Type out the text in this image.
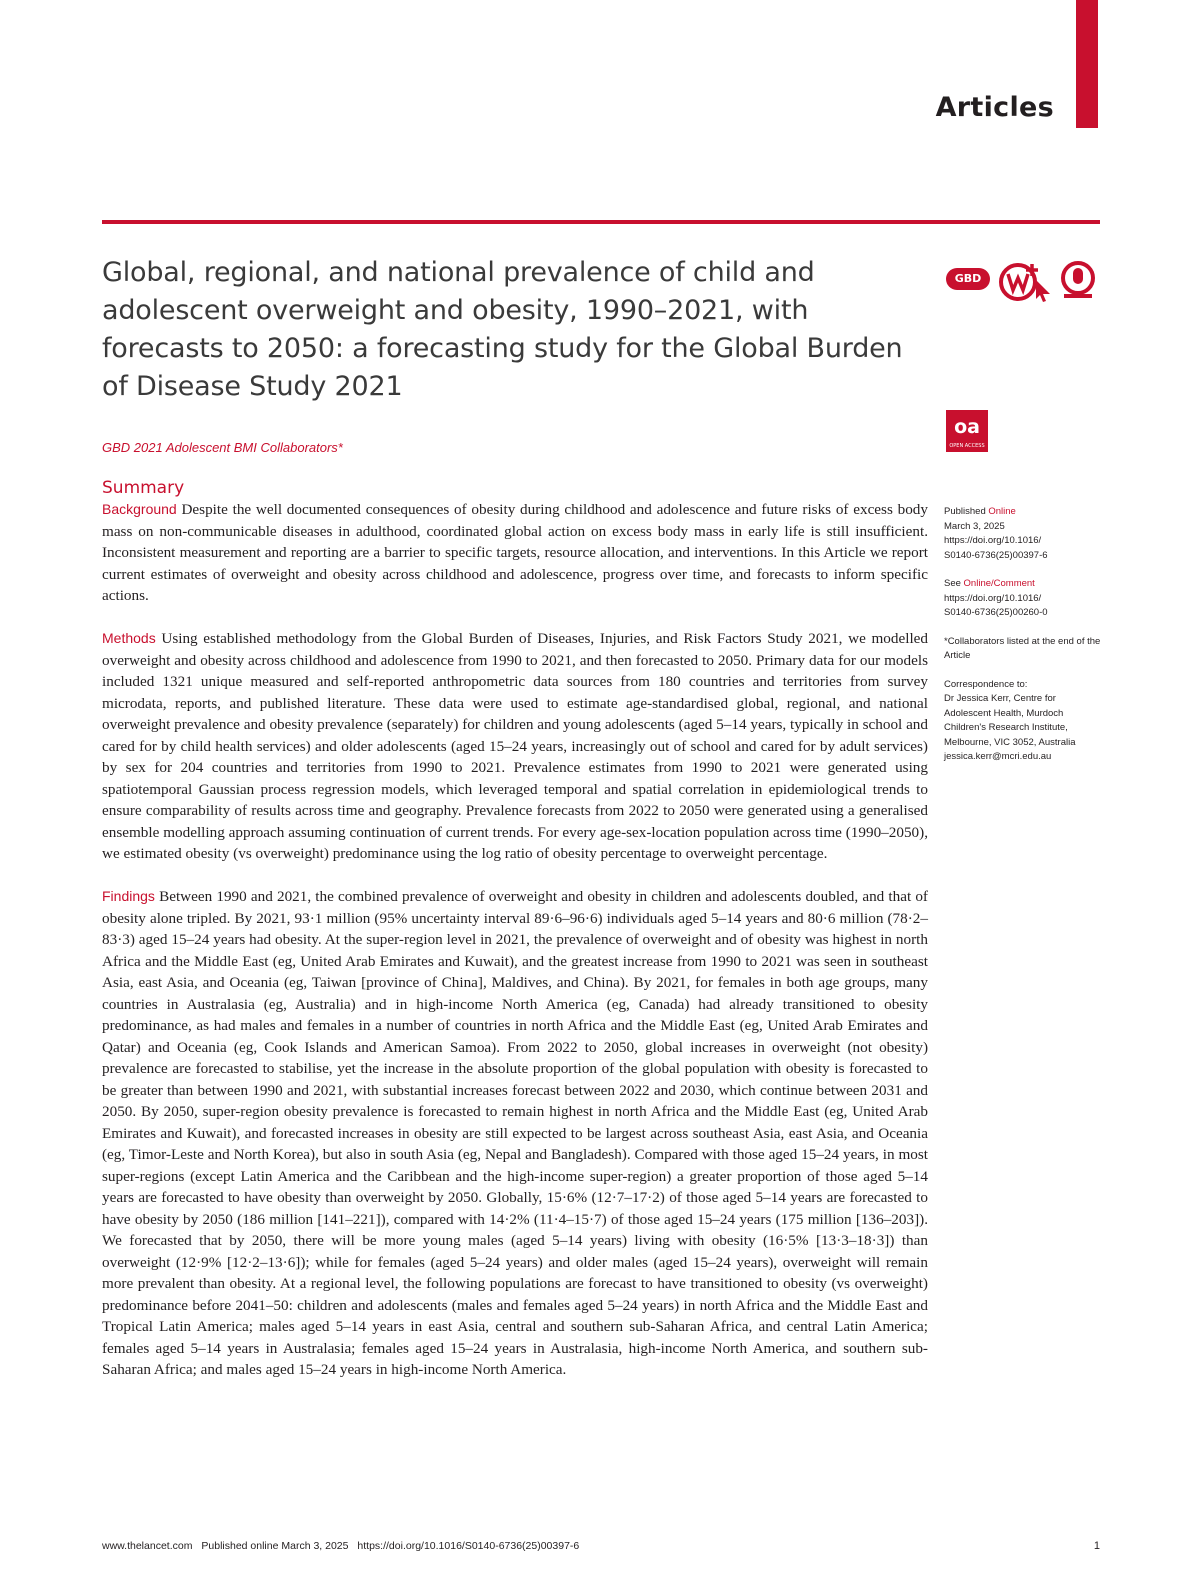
Articles
Global, regional, and national prevalence of child and adolescent overweight and obesity, 1990–2021, with forecasts to 2050: a forecasting study for the Global Burden of Disease Study 2021
GBD 2021 Adolescent BMI Collaborators*
Summary
GBD
oa
OPEN ACCESS

Background Despite the well documented consequences of obesity during childhood and adolescence and future risks of excess body mass on non-communicable diseases in adulthood, coordinated global action on excess body mass in early life is still insufficient. Inconsistent measurement and reporting are a barrier to specific targets, resource allocation, and interventions. In this Article we report current estimates of overweight and obesity across childhood and adolescence, progress over time, and forecasts to inform specific actions.

Methods Using established methodology from the Global Burden of Diseases, Injuries, and Risk Factors Study 2021, we modelled overweight and obesity across childhood and adolescence from 1990 to 2021, and then forecasted to 2050. Primary data for our models included 1321 unique measured and self-reported anthropometric data sources from 180 countries and territories from survey microdata, reports, and published literature. These data were used to estimate age-standardised global, regional, and national overweight prevalence and obesity prevalence (separately) for children and young adolescents (aged 5–14 years, typically in school and cared for by child health services) and older adolescents (aged 15–24 years, increasingly out of school and cared for by adult services) by sex for 204 countries and territories from 1990 to 2021. Prevalence estimates from 1990 to 2021 were generated using spatiotemporal Gaussian process regression models, which leveraged temporal and spatial correlation in epidemiological trends to ensure comparability of results across time and geography. Prevalence forecasts from 2022 to 2050 were generated using a generalised ensemble modelling approach assuming continuation of current trends. For every age-sex-location population across time (1990–2050), we estimated obesity (vs overweight) predominance using the log ratio of obesity percentage to overweight percentage.

Findings Between 1990 and 2021, the combined prevalence of overweight and obesity in children and adolescents doubled, and that of obesity alone tripled. By 2021, 93·1 million (95% uncertainty interval 89·6–96·6) individuals aged 5–14 years and 80·6 million (78·2–83·3) aged 15–24 years had obesity. At the super-region level in 2021, the prevalence of overweight and of obesity was highest in north Africa and the Middle East (eg, United Arab Emirates and Kuwait), and the greatest increase from 1990 to 2021 was seen in southeast Asia, east Asia, and Oceania (eg, Taiwan [province of China], Maldives, and China). By 2021, for females in both age groups, many countries in Australasia (eg, Australia) and in high-income North America (eg, Canada) had already transitioned to obesity predominance, as had males and females in a number of countries in north Africa and the Middle East (eg, United Arab Emirates and Qatar) and Oceania (eg, Cook Islands and American Samoa). From 2022 to 2050, global increases in overweight (not obesity) prevalence are forecasted to stabilise, yet the increase in the absolute proportion of the global population with obesity is forecasted to be greater than between 1990 and 2021, with substantial increases forecast between 2022 and 2030, which continue between 2031 and 2050. By 2050, super-region obesity prevalence is forecasted to remain highest in north Africa and the Middle East (eg, United Arab Emirates and Kuwait), and forecasted increases in obesity are still expected to be largest across southeast Asia, east Asia, and Oceania (eg, Timor-Leste and North Korea), but also in south Asia (eg, Nepal and Bangladesh). Compared with those aged 15–24 years, in most super-regions (except Latin America and the Caribbean and the high-income super-region) a greater proportion of those aged 5–14 years are forecasted to have obesity than overweight by 2050. Globally, 15·6% (12·7–17·2) of those aged 5–14 years are forecasted to have obesity by 2050 (186 million [141–221]), compared with 14·2% (11·4–15·7) of those aged 15–24 years (175 million [136–203]). We forecasted that by 2050, there will be more young males (aged 5–14 years) living with obesity (16·5% [13·3–18·3]) than overweight (12·9% [12·2–13·6]); while for females (aged 5–24 years) and older males (aged 15–24 years), overweight will remain more prevalent than obesity. At a regional level, the following populations are forecast to have transitioned to obesity (vs overweight) predominance before 2041–50: children and adolescents (males and females aged 5–24 years) in north Africa and the Middle East and Tropical Latin America; males aged 5–14 years in east Asia, central and southern sub-Saharan Africa, and central Latin America; females aged 5–14 years in Australasia; females aged 15–24 years in Australasia, high-income North America, and southern sub-Saharan Africa; and males aged 15–24 years in high-income North America.

Published Online
March 3, 2025
https://doi.org/10.1016/
S0140-6736(25)00397-6
See Online/Comment
https://doi.org/10.1016/
S0140-6736(25)00260-0
*Collaborators listed at the end of the Article
Correspondence to:
Dr Jessica Kerr, Centre for Adolescent Health, Murdoch Children's Research Institute, Melbourne, VIC 3052, Australia
jessica.kerr@mcri.edu.au
www.thelancet.com Published online March 3, 2025 https://doi.org/10.1016/S0140-6736(25)00397-6	1
